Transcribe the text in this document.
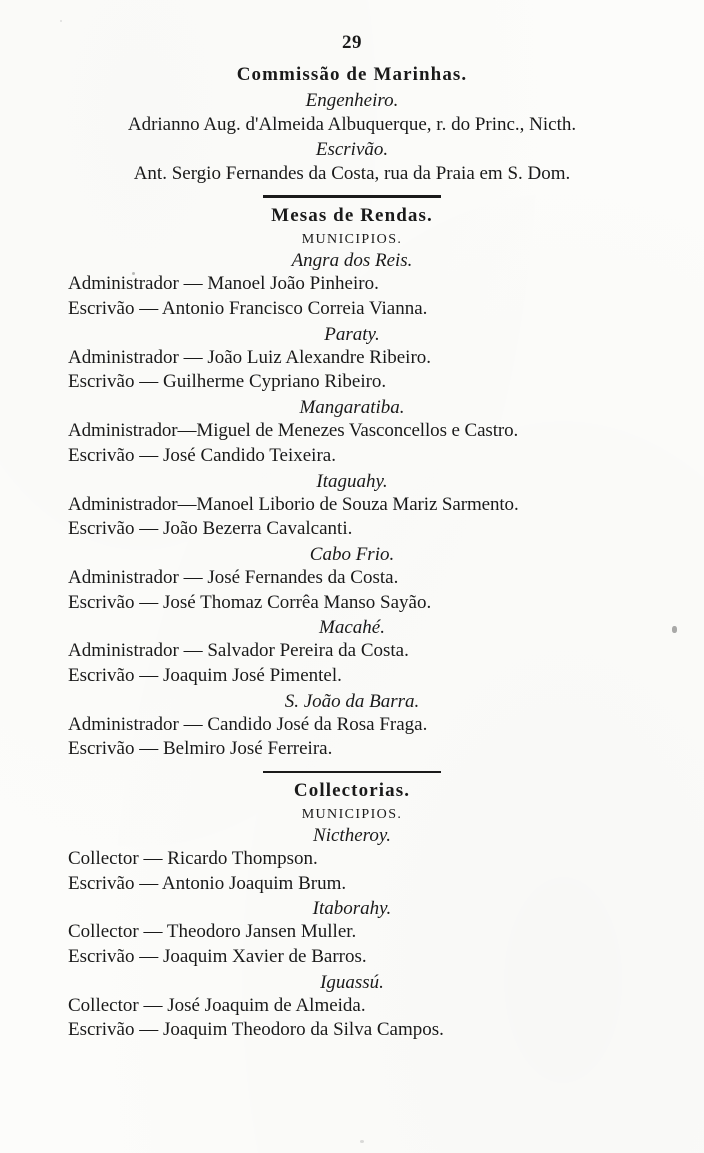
29
Commissão de Marinhas.
Engenheiro.
Adrianno Aug. d'Almeida Albuquerque, r. do Princ., Nicth.
Escrivão.
Ant. Sergio Fernandes da Costa, rua da Praia em S. Dom.
Mesas de Rendas.
MUNICIPIOS.
Angra dos Reis.
Administrador — Manoel João Pinheiro.
Escrivão — Antonio Francisco Correia Vianna.
Paraty.
Administrador — João Luiz Alexandre Ribeiro.
Escrivão — Guilherme Cypriano Ribeiro.
Mangaratiba.
Administrador—Miguel de Menezes Vasconcellos e Castro.
Escrivão — José Candido Teixeira.
Itaguahy.
Administrador—Manoel Liborio de Souza Mariz Sarmento.
Escrivão — João Bezerra Cavalcanti.
Cabo Frio.
Administrador — José Fernandes da Costa.
Escrivão — José Thomaz Corrêa Manso Sayão.
Macahé.
Administrador — Salvador Pereira da Costa.
Escrivão — Joaquim José Pimentel.
S. João da Barra.
Administrador — Candido José da Rosa Fraga.
Escrivão — Belmiro José Ferreira.
Collectorias.
MUNICIPIOS.
Nictheroy.
Collector — Ricardo Thompson.
Escrivão — Antonio Joaquim Brum.
Itaborahy.
Collector — Theodoro Jansen Muller.
Escrivão — Joaquim Xavier de Barros.
Iguassú.
Collector — José Joaquim de Almeida.
Escrivão — Joaquim Theodoro da Silva Campos.
